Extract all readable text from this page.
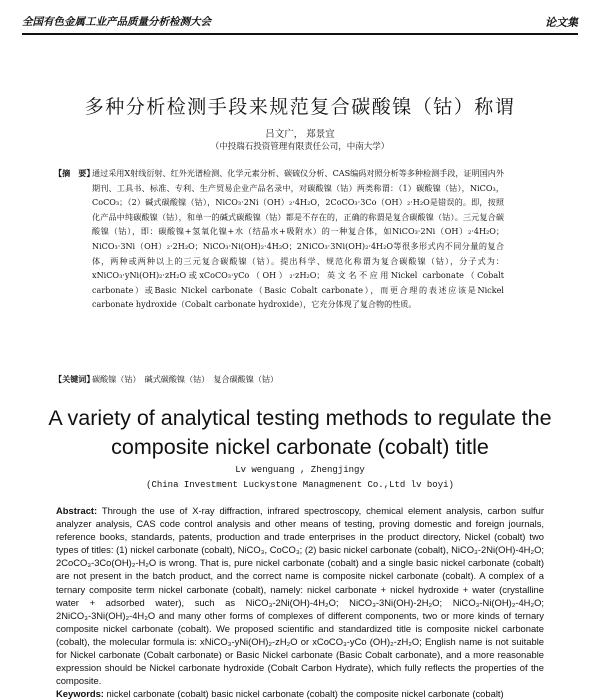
全国有色金属工业产品质量分析检测大会	论文集
多种分析检测手段来规范复合碳酸镍（钴）称谓
吕文广， 郑景宜
（中投瑞石投资管理有限责任公司，中南大学）
【摘　要】

通过采用X射线衍射、红外光谱检测、化学元素分析、碳硫仪分析、CAS编码对照分析等多种检测手段，证明国内外期刊、工具书、标准、专利、生产贸易企业产品名录中，对碳酸镍（钴）两类称谓：（1）碳酸镍（钴），NiCO₃，CoCO₃；（2）碱式碳酸镍（钴），NiCO₃·2Ni（OH）₂·4H₂O，2CoCO₃·3Co（OH）₂·H₂O是错误的。即，按照化产品中纯碳酸镍（钴），和单一的碱式碳酸镍（钴）都是不存在的，正确的称谓是复合碳酸镍（钴）。三元复合碳酸镍（钴），即：碳酸镍+氢氧化镍+水（结晶水+吸附水）的一种复合体，如NiCO₃·2Ni（OH）₂·4H₂O；NiCO₃·3Ni（OH）₂·2H₂O；NiCO₃·Ni(OH)₂·4H₂O；2NiCO₃·3Ni(OH)₂·4H₂O等很多形式内不同分量的复合体，两种或两种以上的三元复合碳酸镍（钴）。提出科学、规范化称谓为复合碳酸镍（钴），分子式为：xNiCO₃·yNi(OH)₂·zH₂O或xCoCO₃·yCo（OH）₂·zH₂O；英文名不应用Nickel carbonate（Cobalt carbonate）或Basic Nickel carbonate（Basic Cobalt carbonate），而更合理的表述应该是Nickel carbonate hydroxide（Cobalt carbonate hydroxide），它充分体现了复合物的性质。

【关键词】
碳酸镍（钴）　碱式碳酸镍（钴）　复合碳酸镍（钴）
A variety of analytical testing methods to regulate the composite nickel carbonate (cobalt) title
Lv wenguang , Zhengjingy
(China Investment Luckystone Managmenent Co.,Ltd lv boyi)

Abstract: Through the use of X-ray diffraction, infrared spectroscopy, chemical element analysis, carbon sulfur analyzer analysis, CAS code control analysis and other means of testing, proving domestic and foreign journals, reference books, standards, patents, production and trade enterprises in the product directory, Nickel (cobalt) two types of titles: (1) nickel carbonate (cobalt), NiCO₃, CoCO₃; (2) basic nickel carbonate (cobalt), NiCO₃-2Ni(OH)-4H₂O; 2CoCO₃-3Co(OH)₂-H₂O is wrong. That is, pure nickel carbonate (cobalt) and a single basic nickel carbonate (cobalt) are not present in the batch product, and the correct name is composite nickel carbonate (cobalt). A complex of a ternary composite term nickel carbonate (cobalt), namely: nickel carbonate + nickel hydroxide + water (crystalline water + adsorbed water), such as NiCO₃-2Ni(OH)-4H₂O; NiCO₃-3Ni(OH)-2H₂O; NiCO₃-Ni(OH)₂-4H₂O; 2NiCO₃-3Ni(OH)₂-4H₂O and many other forms of complexes of different components, two or more kinds of ternary composite nickel carbonate (cobalt). We proposed scientific and standardized title is composite nickel carbonate (cobalt), the molecular formula is: xNiCO₃-yNi(OH)₂-zH₂O or xCoCO₃-yCo (OH)₂-zH₂O; English name is not suitable for Nickel carbonate (Cobalt carbonate) or Basic Nickel carbonate (Basic Cobalt carbonate), and a more reasonable expression should be Nickel carbonate hydroxide (Cobalt Carbon Hydrate), which fully reflects the properties of the composite.

Keywords: nickel carbonate (cobalt) basic nickel carbonate (cobalt) the composite nickel carbonate (cobalt)
